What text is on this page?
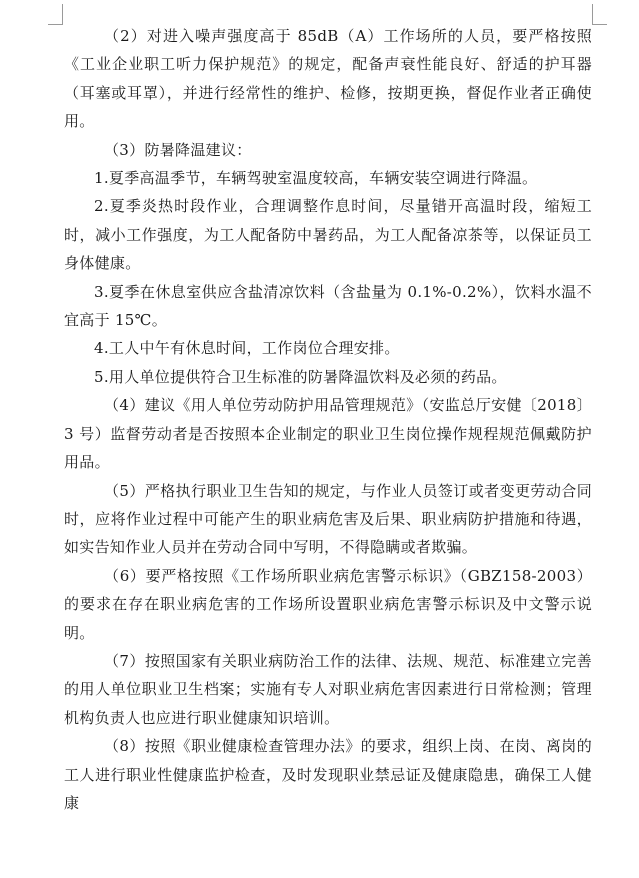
（2）对进入噪声强度高于 85dB（A）工作场所的人员，要严格按照《工业企业职工听力保护规范》的规定，配备声衰性能良好、舒适的护耳器（耳塞或耳罩），并进行经常性的维护、检修，按期更换，督促作业者正确使用。

（3）防暑降温建议：

1.夏季高温季节，车辆驾驶室温度较高，车辆安装空调进行降温。

2.夏季炎热时段作业，合理调整作息时间，尽量错开高温时段，缩短工时，减小工作强度，为工人配备防中暑药品，为工人配备凉茶等，以保证员工身体健康。

3.夏季在休息室供应含盐清凉饮料（含盐量为 0.1%-0.2%），饮料水温不宜高于 15℃。

4.工人中午有休息时间，工作岗位合理安排。

5.用人单位提供符合卫生标准的防暑降温饮料及必须的药品。

（4）建议《用人单位劳动防护用品管理规范》（安监总厅安健〔2018〕3 号）监督劳动者是否按照本企业制定的职业卫生岗位操作规程规范佩戴防护用品。

（5）严格执行职业卫生告知的规定，与作业人员签订或者变更劳动合同时，应将作业过程中可能产生的职业病危害及后果、职业病防护措施和待遇，如实告知作业人员并在劳动合同中写明，不得隐瞒或者欺骗。

（6）要严格按照《工作场所职业病危害警示标识》（GBZ158-2003）的要求在存在职业病危害的工作场所设置职业病危害警示标识及中文警示说明。

（7）按照国家有关职业病防治工作的法律、法规、规范、标准建立完善的用人单位职业卫生档案；实施有专人对职业病危害因素进行日常检测；管理机构负责人也应进行职业健康知识培训。

（8）按照《职业健康检查管理办法》的要求，组织上岗、在岗、离岗的工人进行职业性健康监护检查，及时发现职业禁忌证及健康隐患，确保工人健康
